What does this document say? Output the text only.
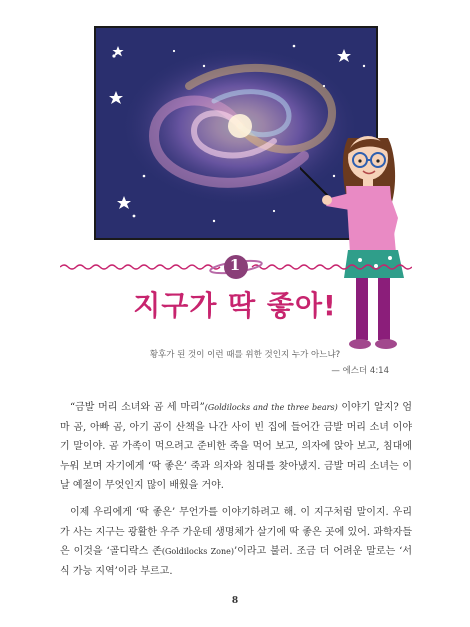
1
지구가 딱 좋아!
황후가 된 것이 이런 때를 위한 것인지 누가 아느냐?
— 에스더 4:14

“금발 머리 소녀와 곰 세 마리”(Goldilocks and the three bears) 이야기 알지? 엄마 곰, 아빠 곰, 아기 곰이 산책을 나간 사이 빈 집에 들어간 금발 머리 소녀 이야기 말이야. 곰 가족이 먹으려고 준비한 죽을 먹어 보고, 의자에 앉아 보고, 침대에 누워 보며 자기에게 ‘딱 좋은’ 죽과 의자와 침대를 찾아냈지. 금발 머리 소녀는 이날 예절이 무엇인지 많이 배웠을 거야.

이제 우리에게 ‘딱 좋은’ 무언가를 이야기하려고 해. 이 지구처럼 말이지. 우리가 사는 지구는 광활한 우주 가운데 생명체가 살기에 딱 좋은 곳에 있어. 과학자들은 이것을 ‘골디락스 존(Goldilocks Zone)’이라고 불러. 조금 더 어려운 말로는 ‘서식 가능 지역’이라 부르고.

8
